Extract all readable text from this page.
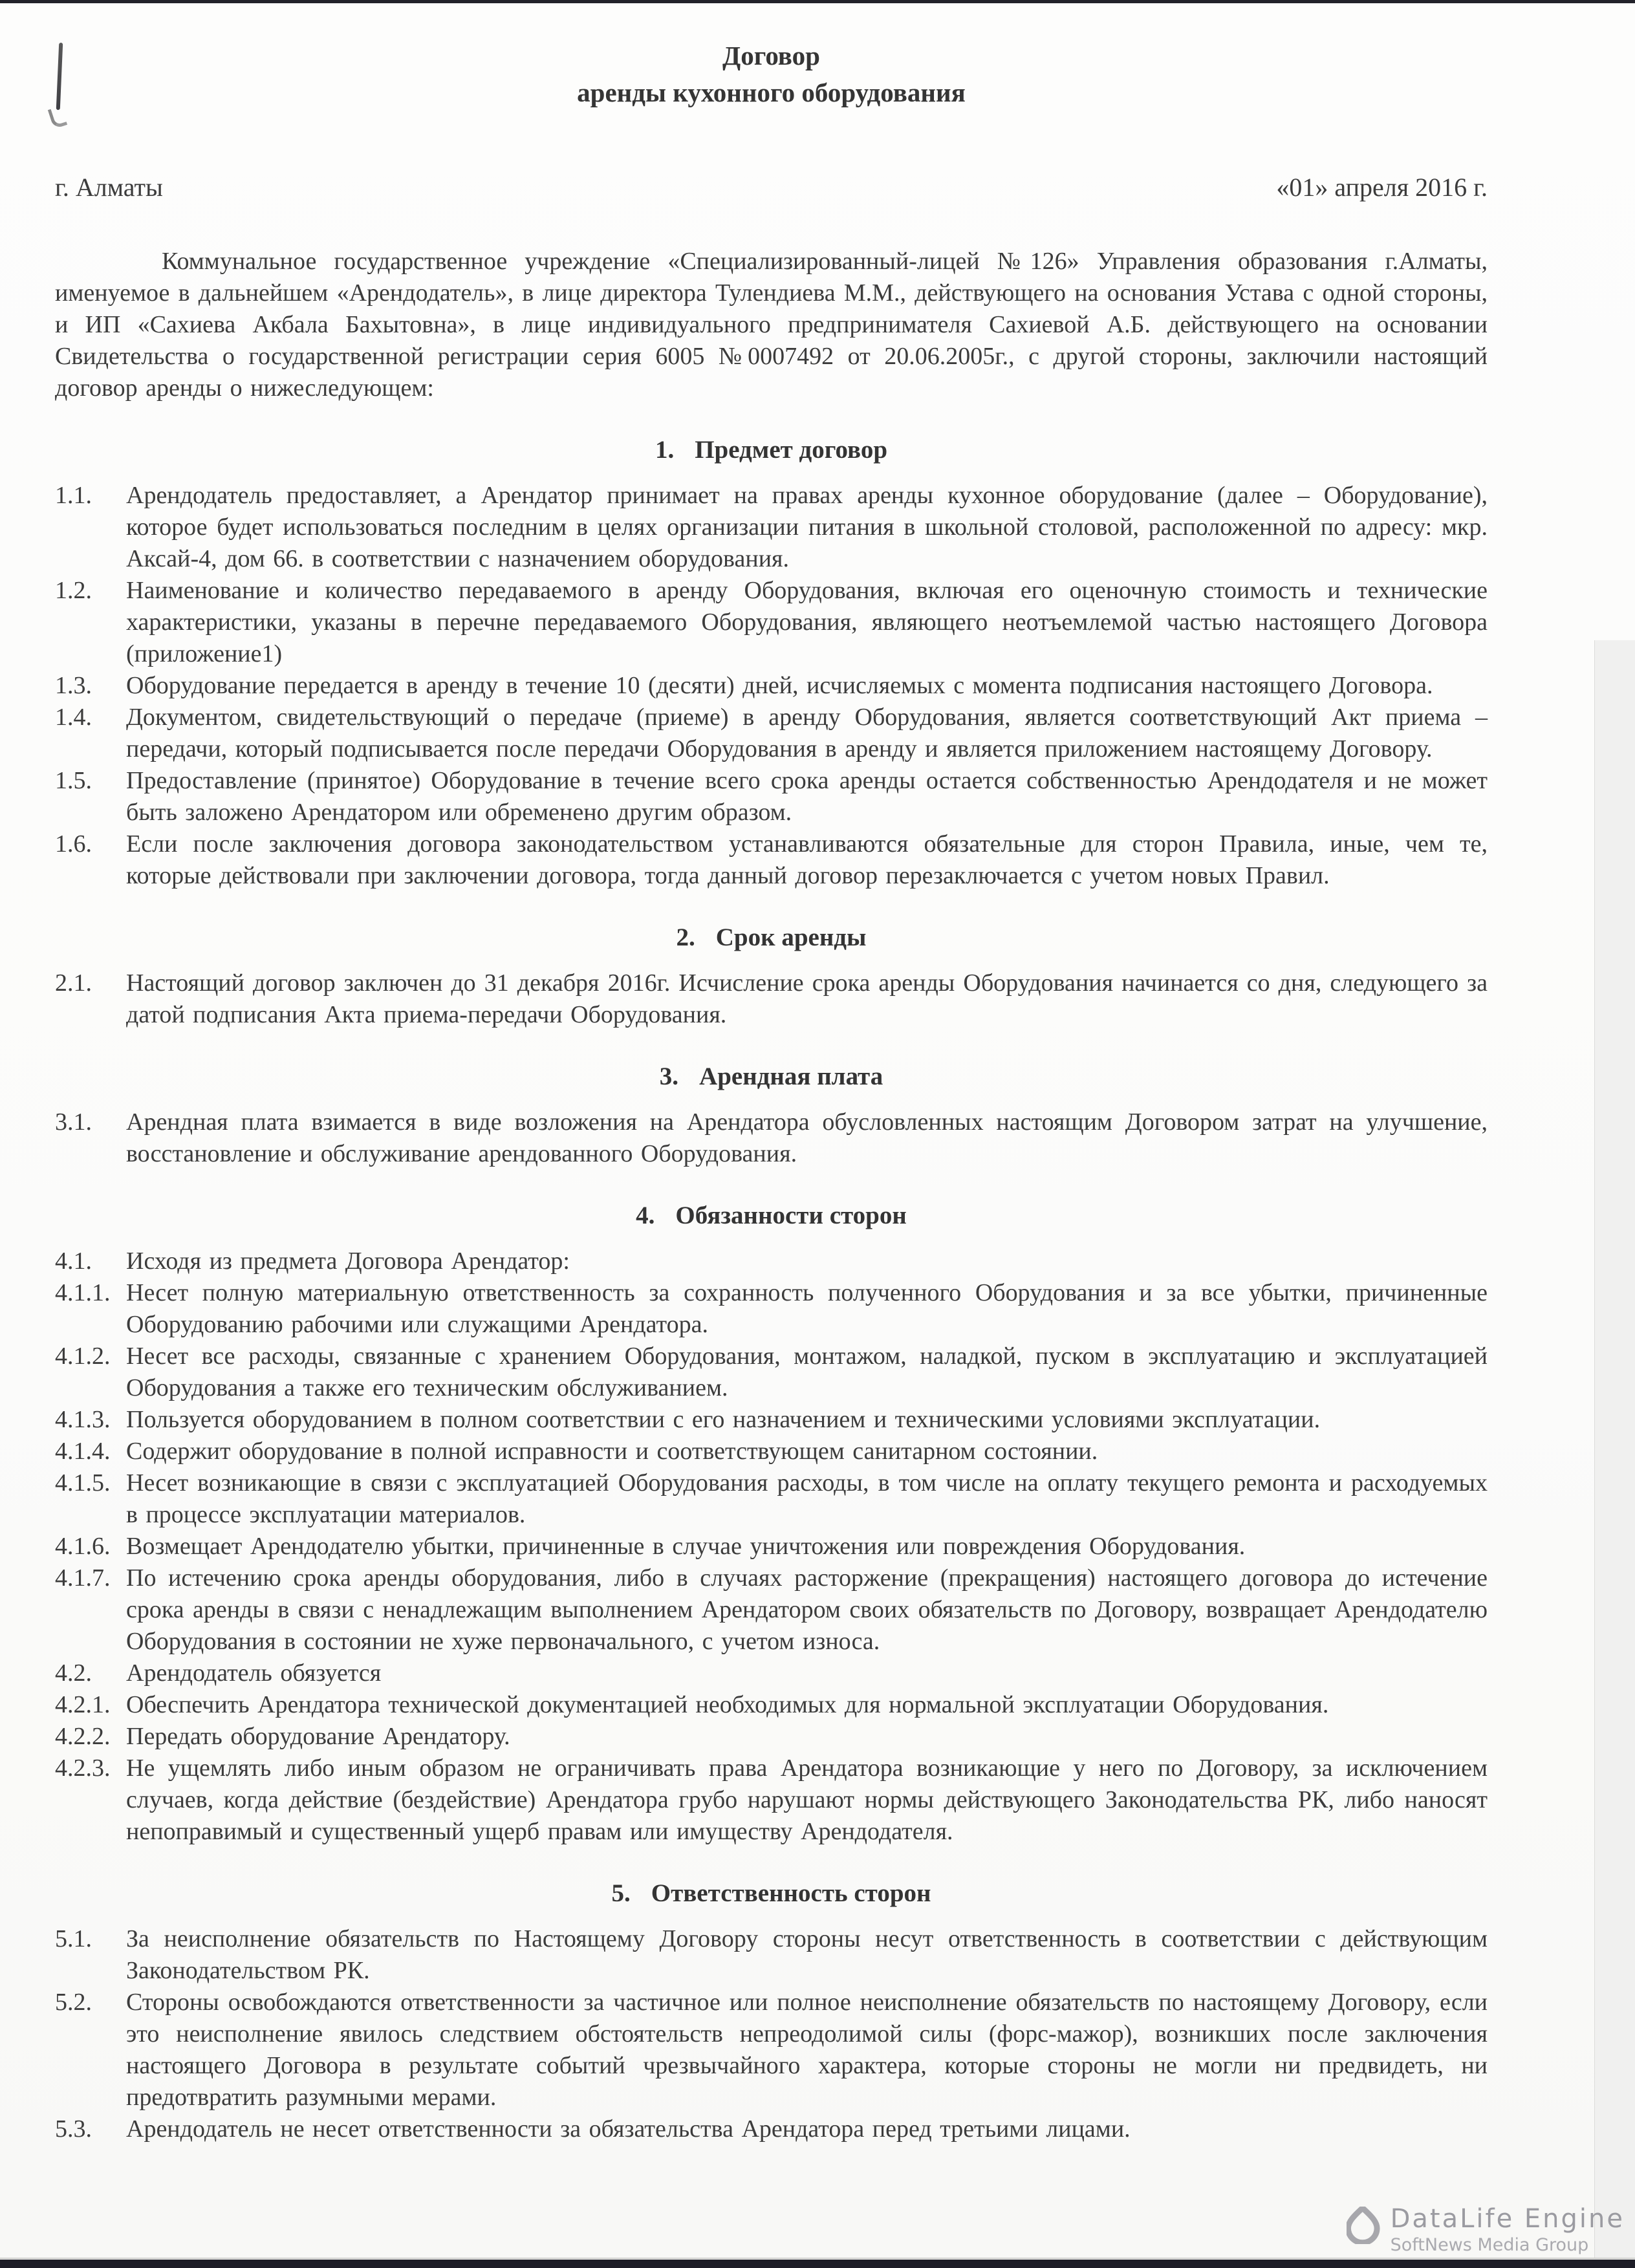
Договор
аренды кухонного оборудования
г. Алматы	«01» апреля 2016 г.
Коммунальное государственное учреждение «Специализированный-лицей №126» Управления образования г.Алматы, именуемое в дальнейшем «Арендодатель», в лице директора Тулендиева М.М., действующего на основания Устава с одной стороны, и ИП «Сахиева Акбала Бахытовна», в лице индивидуального предпринимателя Сахиевой А.Б. действующего на основании Свидетельства о государственной регистрации серия 6005 №0007492 от 20.06.2005г., с другой стороны, заключили настоящий договор аренды о нижеследующем:
1. Предмет договор
1.1.	Арендодатель предоставляет, а Арендатор принимает на правах аренды кухонное оборудование (далее – Оборудование), которое будет использоваться последним в целях организации питания в школьной столовой, расположенной по адресу: мкр. Аксай-4, дом 66. в соответствии с назначением оборудования.
1.2.	Наименование и количество передаваемого в аренду Оборудования, включая его оценочную стоимость и технические характеристики, указаны в перечне передаваемого Оборудования, являющего неотъемлемой частью настоящего Договора (приложение1)
1.3.	Оборудование передается в аренду в течение 10 (десяти) дней, исчисляемых с момента подписания настоящего Договора.
1.4.	Документом, свидетельствующий о передаче (приеме) в аренду Оборудования, является соответствующий Акт приема – передачи, который подписывается после передачи Оборудования в аренду и является приложением настоящему Договору.
1.5.	Предоставление (принятое) Оборудование в течение всего срока аренды остается собственностью Арендодателя и не может быть заложено Арендатором или обременено другим образом.
1.6.	Если после заключения договора законодательством устанавливаются обязательные для сторон Правила, иные, чем те, которые действовали при заключении договора, тогда данный договор перезаключается с учетом новых Правил.
2. Срок аренды
2.1.	Настоящий договор заключен до 31 декабря 2016г. Исчисление срока аренды Оборудования начинается со дня, следующего за датой подписания Акта приема-передачи Оборудования.
3. Арендная плата
3.1.	Арендная плата взимается в виде возложения на Арендатора обусловленных настоящим Договором затрат на улучшение, восстановление и обслуживание арендованного Оборудования.
4. Обязанности сторон
4.1.	Исходя из предмета Договора Арендатор:
4.1.1. Несет полную материальную ответственность за сохранность полученного Оборудования и за все убытки, причиненные Оборудованию рабочими или служащими Арендатора.
4.1.2. Несет все расходы, связанные с хранением Оборудования, монтажом, наладкой, пуском в эксплуатацию и эксплуатацией Оборудования а также его техническим обслуживанием.
4.1.3. Пользуется оборудованием в полном соответствии с его назначением и техническими условиями эксплуатации.
4.1.4. Содержит оборудование в полной исправности и соответствующем санитарном состоянии.
4.1.5. Несет возникающие в связи с эксплуатацией Оборудования расходы, в том числе на оплату текущего ремонта и расходуемых в процессе эксплуатации материалов.
4.1.6. Возмещает Арендодателю убытки, причиненные в случае уничтожения или повреждения Оборудования.
4.1.7. По истечению срока аренды оборудования, либо в случаях расторжение (прекращения) настоящего договора до истечение срока аренды в связи с ненадлежащим выполнением Арендатором своих обязательств по Договору, возвращает Арендодателю Оборудования в состоянии не хуже первоначального, с учетом износа.
4.2.	Арендодатель обязуется
4.2.1. Обеспечить Арендатора технической документацией необходимых для нормальной эксплуатации Оборудования.
4.2.2. Передать оборудование Арендатору.
4.2.3. Не ущемлять либо иным образом не ограничивать права Арендатора возникающие у него по Договору, за исключением случаев, когда действие (бездействие) Арендатора грубо нарушают нормы действующего Законодательства РК, либо наносят непоправимый и существенный ущерб правам или имуществу Арендодателя.
5. Ответственность сторон
5.1.	За неисполнение обязательств по Настоящему Договору стороны несут ответственность в соответствии с действующим Законодательством РК.
5.2.	Стороны освобождаются ответственности за частичное или полное неисполнение обязательств по настоящему Договору, если это неисполнение явилось следствием обстоятельств непреодолимой силы (форс-мажор), возникших после заключения настоящего Договора в результате событий чрезвычайного характера, которые стороны не могли ни предвидеть, ни предотвратить разумными мерами.
5.3.	Арендодатель не несет ответственности за обязательства Арендатора перед третьими лицами.
DataLife Engine
SoftNews Media Group
